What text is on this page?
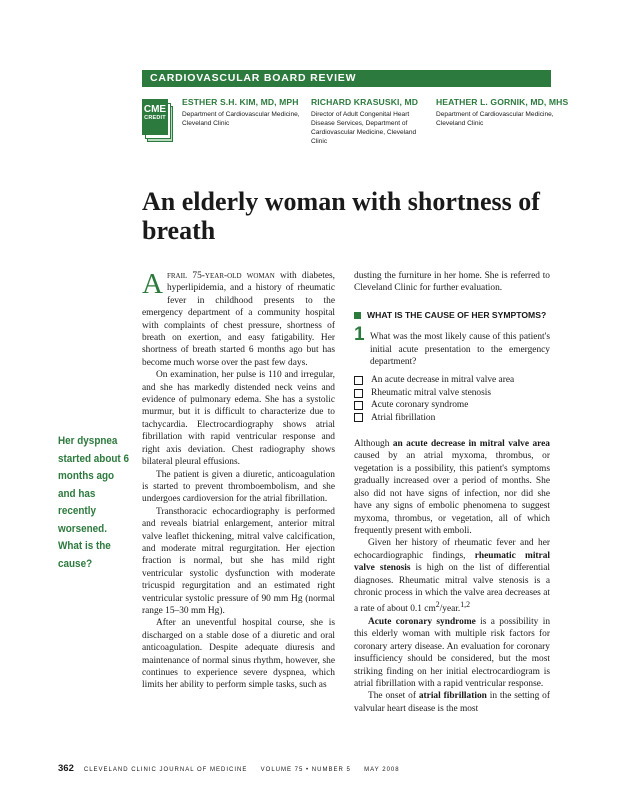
CARDIOVASCULAR BOARD REVIEW
CME
CREDIT
ESTHER S.H. KIM, MD, MPH
Department of Cardiovascular Medicine, Cleveland Clinic
RICHARD KRASUSKI, MD
Director of Adult Congenital Heart Disease Services, Department of Cardiovascular Medicine, Cleveland Clinic
HEATHER L. GORNIK, MD, MHS
Department of Cardiovascular Medicine, Cleveland Clinic
An elderly woman with shortness of breath

Afrail 75-year-old woman with diabetes, hyperlipidemia, and a history of rheumatic fever in childhood presents to the emergency department of a community hospital with complaints of chest pressure, shortness of breath on exertion, and easy fatigability. Her shortness of breath started 6 months ago but has become much worse over the past few days.

On examination, her pulse is 110 and irregular, and she has markedly distended neck veins and evidence of pulmonary edema. She has a systolic murmur, but it is difficult to characterize due to tachycardia. Electrocardiography shows atrial fibrillation with rapid ventricular response and right axis deviation. Chest radiography shows bilateral pleural effusions.

The patient is given a diuretic, anticoagulation is started to prevent thromboembolism, and she undergoes cardioversion for the atrial fibrillation.

Transthoracic echocardiography is performed and reveals biatrial enlargement, anterior mitral valve leaflet thickening, mitral valve calcification, and moderate mitral regurgitation. Her ejection fraction is normal, but she has mild right ventricular systolic dysfunction with moderate tricuspid regurgitation and an estimated right ventricular systolic pressure of 90 mm Hg (normal range 15–30 mm Hg).

After an uneventful hospital course, she is discharged on a stable dose of a diuretic and oral anticoagulation. Despite adequate diuresis and maintenance of normal sinus rhythm, however, she continues to experience severe dyspnea, which limits her ability to perform simple tasks, such as

dusting the furniture in her home. She is referred to Cleveland Clinic for further evaluation.

WHAT IS THE CAUSE OF HER SYMPTOMS?
1 What was the most likely cause of this patient's initial acute presentation to the emergency department?
An acute decrease in mitral valve area
Rheumatic mitral valve stenosis
Acute coronary syndrome
Atrial fibrillation

Although an acute decrease in mitral valve area caused by an atrial myxoma, thrombus, or vegetation is a possibility, this patient's symptoms gradually increased over a period of months. She also did not have signs of infection, nor did she have any signs of embolic phenomena to suggest myxoma, thrombus, or vegetation, all of which frequently present with emboli.

Given her history of rheumatic fever and her echocardiographic findings, rheumatic mitral valve stenosis is high on the list of differential diagnoses. Rheumatic mitral valve stenosis is a chronic process in which the valve area decreases at a rate of about 0.1 $cm^2/year.^{1,2}$

Acute coronary syndrome is a possibility in this elderly woman with multiple risk factors for coronary artery disease. An evaluation for coronary insufficiency should be considered, but the most striking finding on her initial electrocardiogram is atrial fibrillation with a rapid ventricular response.

The onset of atrial fibrillation in the setting of valvular heart disease is the most

Her dyspnea started about 6 months ago and has recently worsened. What is the cause?
362 CLEVELAND CLINIC JOURNAL OF MEDICINE     VOLUME 75 • NUMBER 5     MAY 2008
